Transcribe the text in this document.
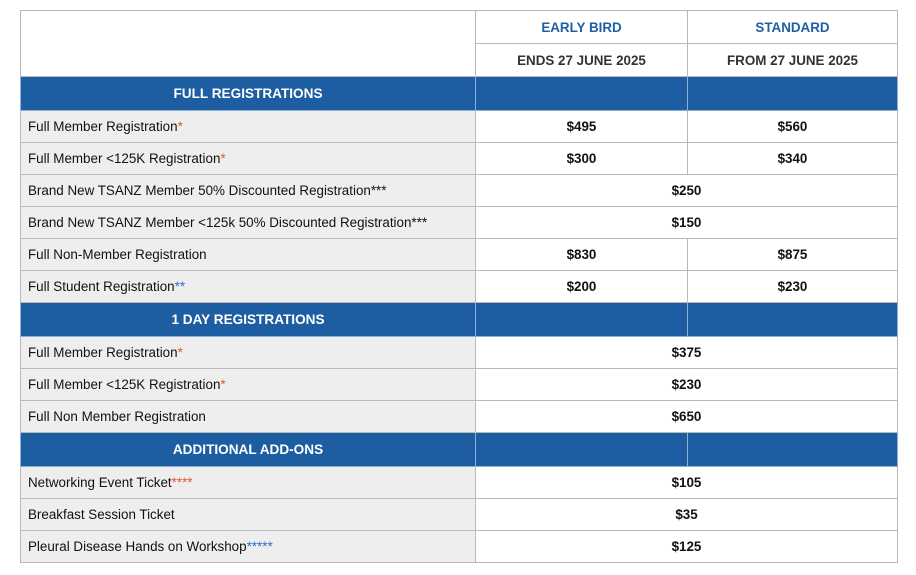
	EARLY BIRD	STANDARD
	ENDS 27 JUNE 2025	FROM 27 JUNE 2025
FULL REGISTRATIONS		
Full Member Registration*	$495	$560
Full Member <125K Registration*	$300	$340
Brand New TSANZ Member 50% Discounted Registration***	$250	
Brand New TSANZ Member <125k 50% Discounted Registration***	$150	
Full Non-Member Registration	$830	$875
Full Student Registration**	$200	$230
1 DAY REGISTRATIONS		
Full Member Registration*	$375	
Full Member <125K Registration*	$230	
Full Non Member Registration	$650	
ADDITIONAL ADD-ONS		
Networking Event Ticket****	$105	
Breakfast Session Ticket	$35	
Pleural Disease Hands on Workshop*****	$125	
